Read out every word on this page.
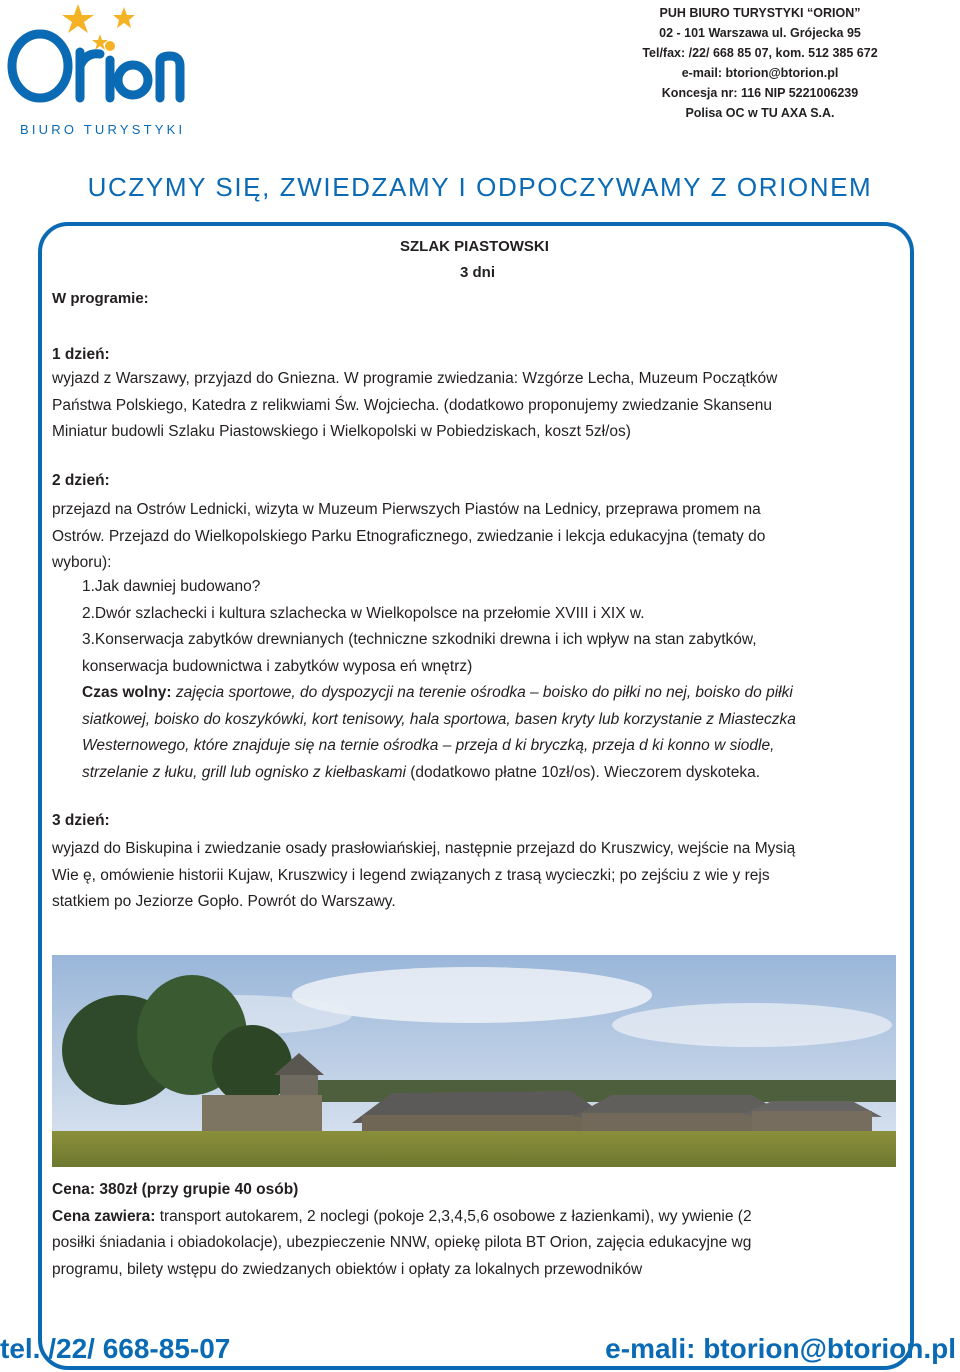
BIURO TURYSTYKI
PUH BIURO TURYSTYKI “ORION”
02 - 101 Warszawa ul. Grójecka 95
Tel/fax: /22/ 668 85 07, kom. 512 385 672
e-mail: btorion@btorion.pl
Koncesja nr: 116 NIP 5221006239
Polisa OC w TU AXA S.A.
UCZYMY SIĘ, ZWIEDZAMY I ODPOCZYWAMY Z ORIONEM
SZLAK PIASTOWSKI
3 dni
W programie:
1 dzień:
wyjazd z Warszawy, przyjazd do Gniezna. W programie zwiedzania: Wzgórze Lecha, Muzeum Początków
Państwa Polskiego, Katedra z relikwiami Św. Wojciecha. (dodatkowo proponujemy zwiedzanie Skansenu
Miniatur budowli Szlaku Piastowskiego i Wielkopolski w Pobiedziskach, koszt 5zł/os)
2 dzień:
przejazd na Ostrów Lednicki, wizyta w Muzeum Pierwszych Piastów na Lednicy, przeprawa promem na
Ostrów. Przejazd do Wielkopolskiego Parku Etnograficznego, zwiedzanie i lekcja edukacyjna (tematy do
wyboru):
1.Jak dawniej budowano?
2.Dwór szlachecki i kultura szlachecka w Wielkopolsce na przełomie XVIII i XIX w.
3.Konserwacja zabytków drewnianych (techniczne szkodniki drewna i ich wpływ na stan zabytków,
konserwacja budownictwa i zabytków wyposa eń wnętrz)
Czas wolny: zajęcia sportowe, do dyspozycji na terenie ośrodka – boisko do piłki no nej, boisko do piłki
siatkowej, boisko do koszykówki, kort tenisowy, hala sportowa, basen kryty lub korzystanie z Miasteczka
Westernowego, które znajduje się na ternie ośrodka – przeja d ki bryczką, przeja d ki konno w siodle,
strzelanie z łuku, grill lub ognisko z kiełbaskami (dodatkowo płatne 10zł/os). Wieczorem dyskoteka.
3 dzień:
wyjazd do Biskupina i zwiedzanie osady prasłowiańskiej, następnie przejazd do Kruszwicy, wejście na Mysią
Wie ę, omówienie historii Kujaw, Kruszwicy i legend związanych z trasą wycieczki; po zejściu z wie y rejs
statkiem po Jeziorze Gopło. Powrót do Warszawy.
Cena: 380zł (przy grupie 40 osób)
Cena zawiera: transport autokarem, 2 noclegi (pokoje 2,3,4,5,6 osobowe z łazienkami), wy ywienie (2
posiłki śniadania i obiadokolacje), ubezpieczenie NNW, opiekę pilota BT Orion, zajęcia edukacyjne wg
programu, bilety wstępu do zwiedzanych obiektów i opłaty za lokalnych przewodników
tel. /22/ 668-85-07	e-mali: btorion@btorion.pl
